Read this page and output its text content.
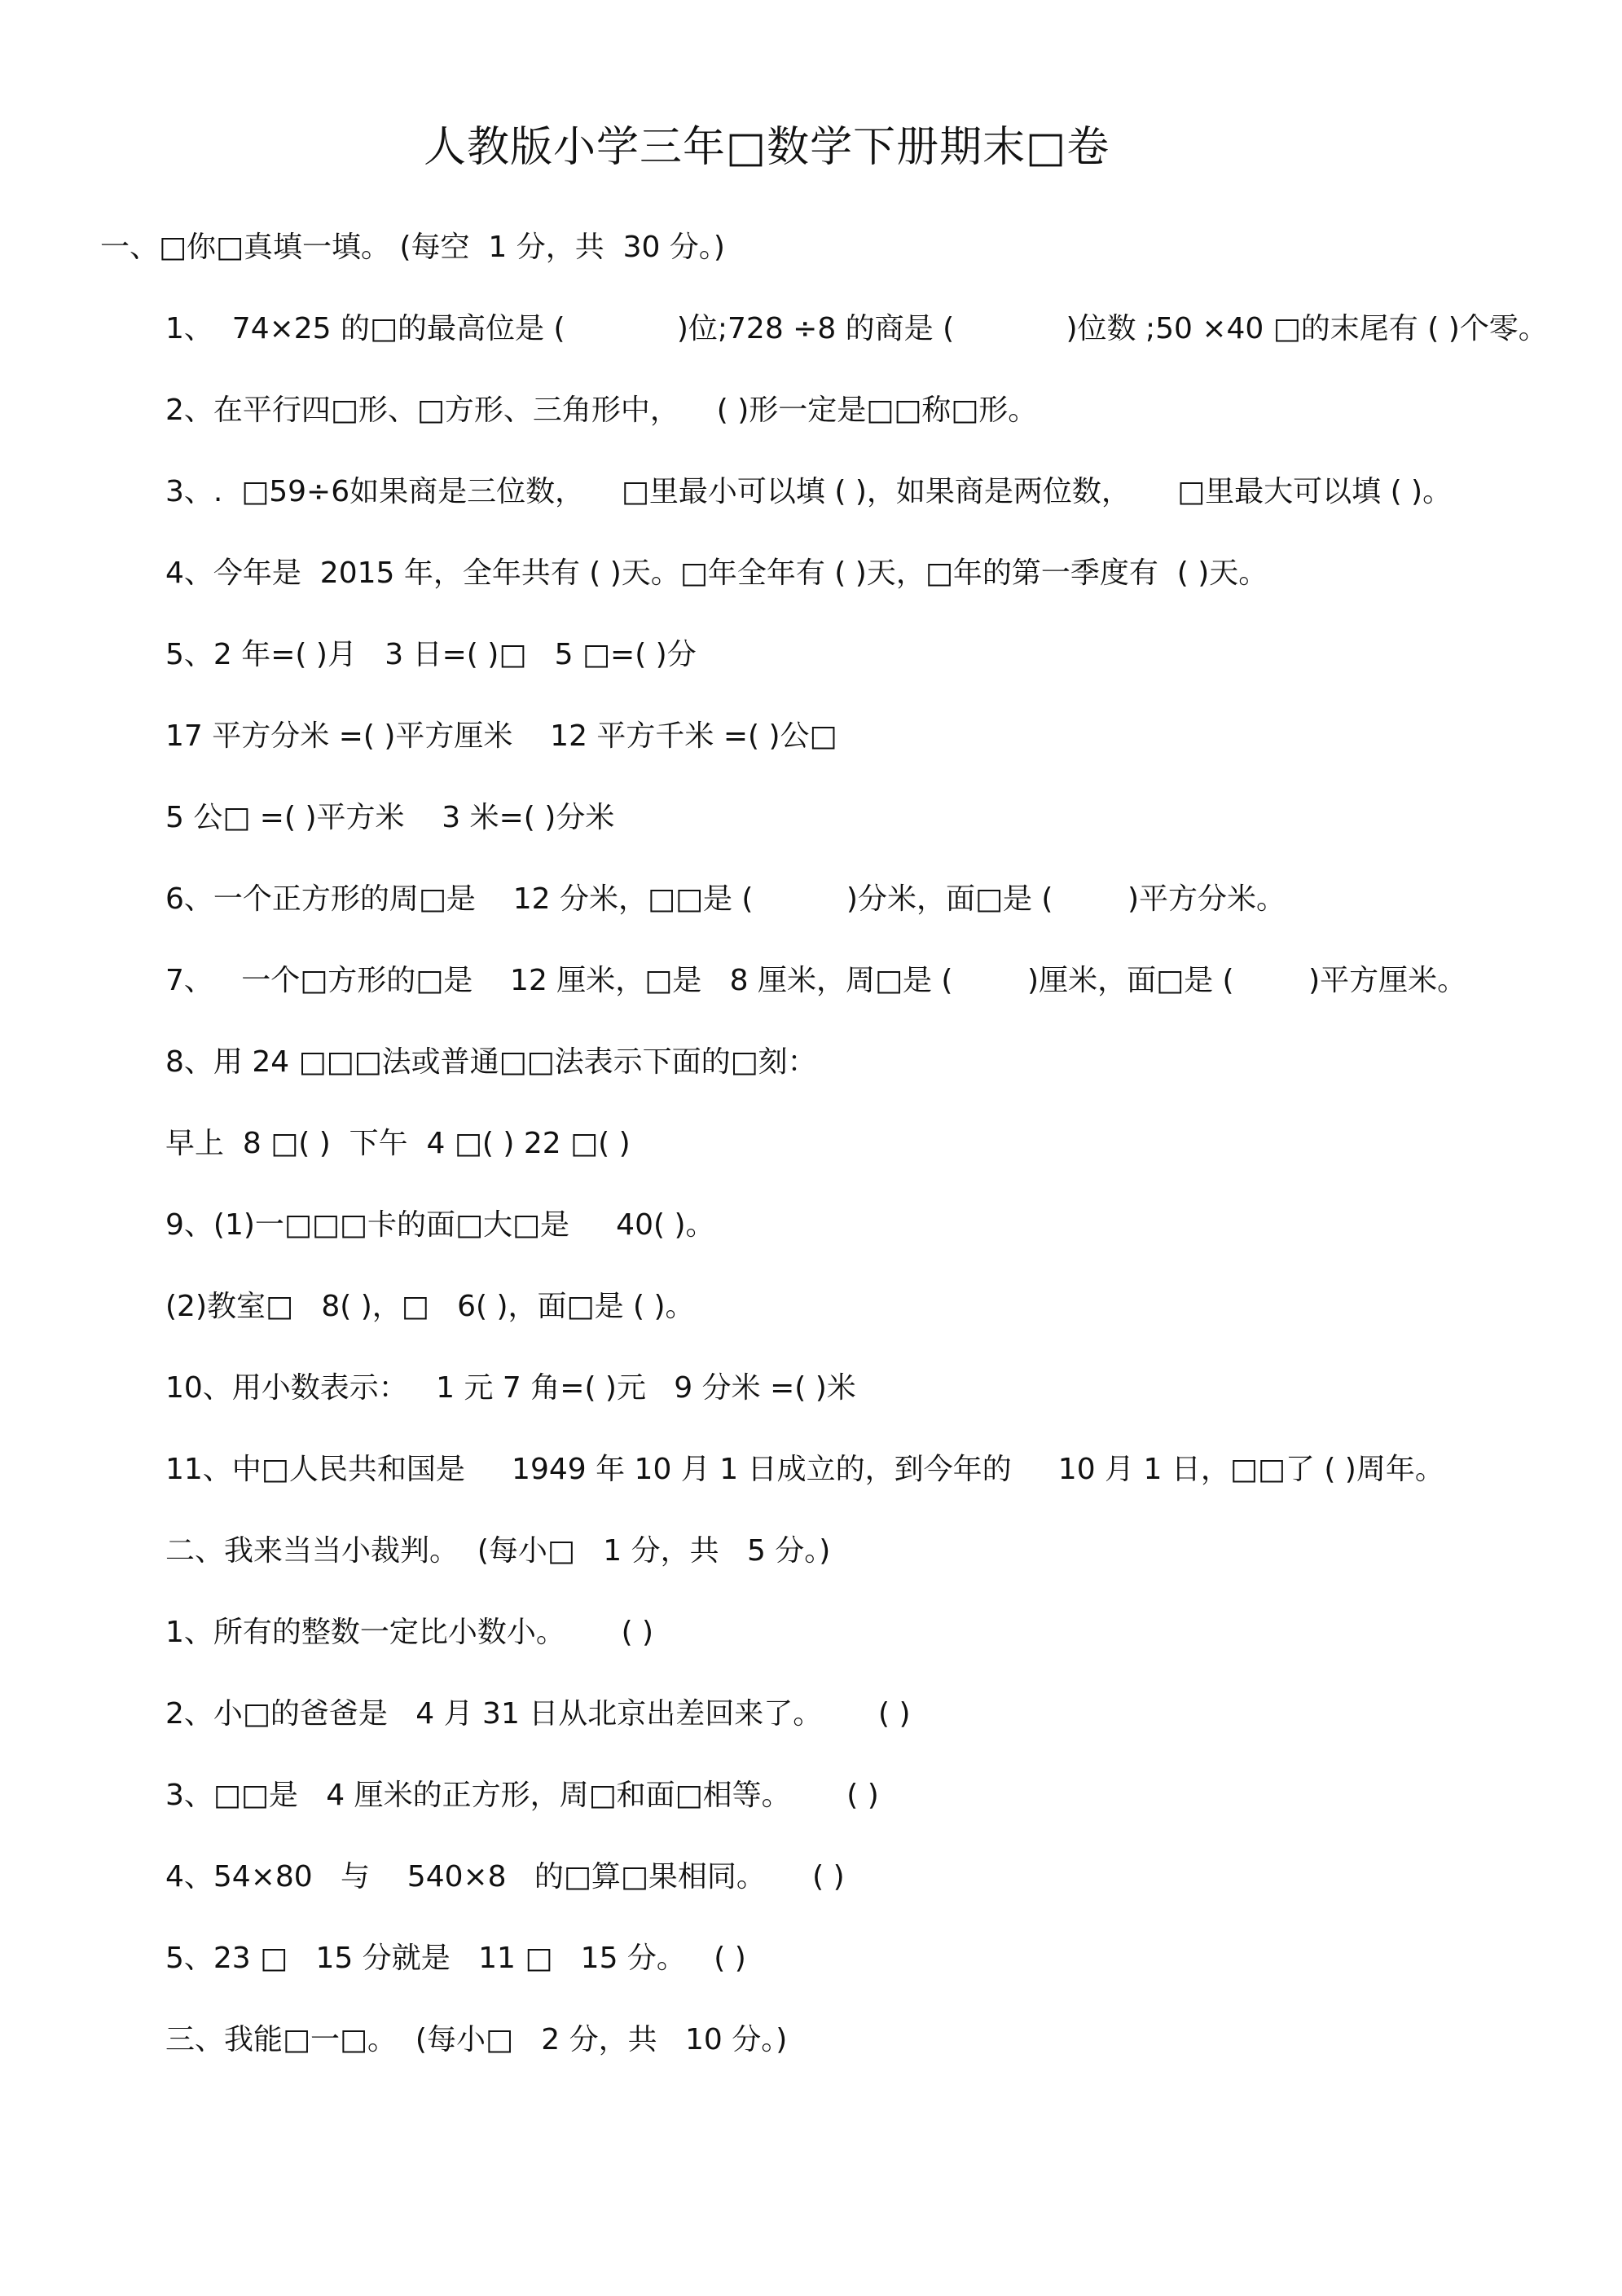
人教版小学三年□数学下册期末□卷
一、□你□真填一填。 (每空  1 分，共  30 分。)
1、  74×25 的□的最高位是 (            )位;728 ÷8 的商是 (            )位数 ;50 ×40 □的末尾有 ( )个零。
2、在平行四□形、□方形、三角形中，    ( )形一定是□□称□形。
3、.  □59÷6如果商是三位数，    □里最小可以填 ( )，如果商是两位数，     □里最大可以填 ( )。
4、今年是  2015 年，全年共有 ( )天。□年全年有 ( )天，□年的第一季度有  ( )天。
5、2 年=( )月   3 日=( )□   5 □=( )分
17 平方分米 =( )平方厘米    12 平方千米 =( )公□
5 公□ =( )平方米    3 米=( )分米
6、一个正方形的周□是    12 分米，□□是 (          )分米，面□是 (        )平方分米。
7、   一个□方形的□是    12 厘米，□是   8 厘米，周□是 (        )厘米，面□是 (        )平方厘米。
8、用 24 □□□法或普通□□法表示下面的□刻：
早上  8 □( )  下午  4 □( ) 22 □( )
9、(1)一□□□卡的面□大□是     40( )。
(2)教室□   8( )，□   6( )，面□是 ( )。
10、用小数表示：   1 元 7 角=( )元   9 分米 =( )米
11、中□人民共和国是     1949 年 10 月 1 日成立的，到今年的     10 月 1 日，□□了 ( )周年。
二、我来当当小裁判。  (每小□   1 分，共   5 分。)
1、所有的整数一定比小数小。      ( )
2、小□的爸爸是   4 月 31 日从北京出差回来了。      ( )
3、□□是   4 厘米的正方形，周□和面□相等。      ( )
4、54×80   与    540×8   的□算□果相同。     ( )
5、23 □   15 分就是   11 □   15 分。   ( )
三、我能□一□。  (每小□   2 分，共   10 分。)
